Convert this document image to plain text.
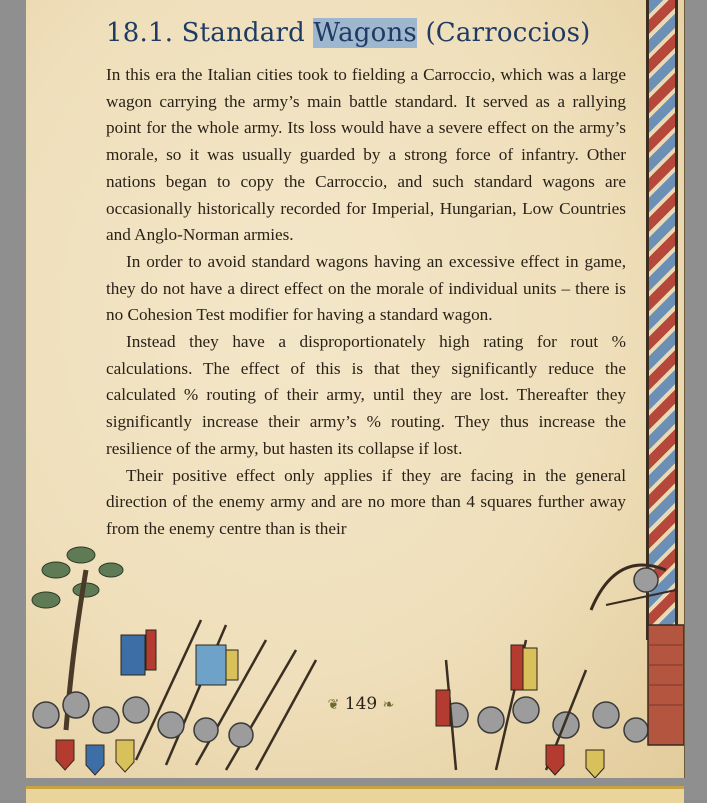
18.1. Standard Wagons (Carroccios)

In this era the Italian cities took to fielding a Carroccio, which was a large wagon carrying the army’s main battle standard. It served as a rallying point for the whole army. Its loss would have a severe effect on the army’s morale, so it was usually guarded by a strong force of infantry. Other nations began to copy the Carroccio, and such standard wagons are occasionally historically recorded for Imperial, Hungarian, Low Countries and Anglo-Norman armies.

In order to avoid standard wagons having an excessive effect in game, they do not have a direct effect on the morale of individual units – there is no Cohesion Test modifier for having a standard wagon.

Instead they have a disproportionately high rating for rout % calculations. The effect of this is that they significantly reduce the calculated % routing of their army, until they are lost. Thereafter they significantly increase their army’s % routing. They thus increase the resilience of the army, but hasten its collapse if lost.

Their positive effect only applies if they are facing in the general direction of the enemy army and are no more than 4 squares further away from the enemy centre than is their

❦ 149 ❧
